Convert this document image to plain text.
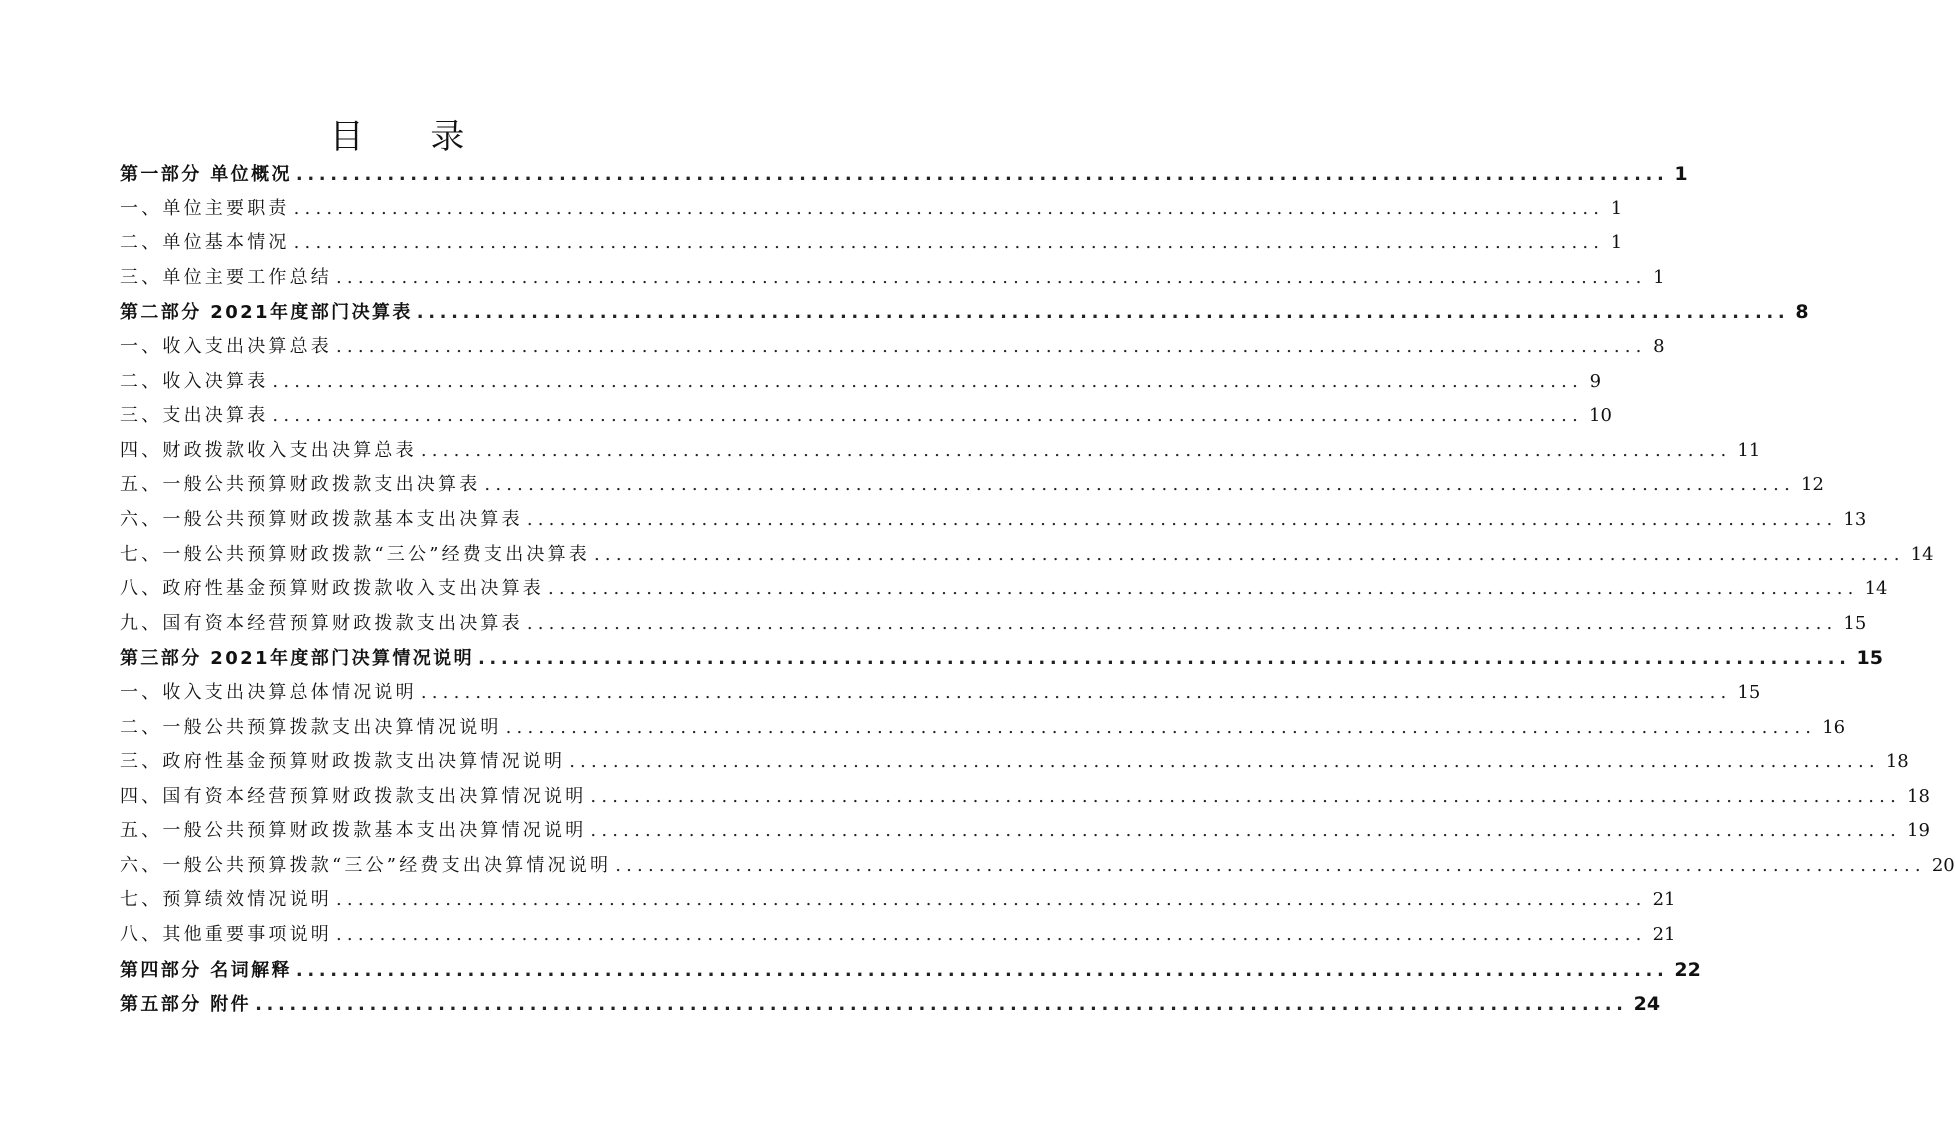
目 录
第一部分 单位概况 ........................................................................................................................ 1
一、单位主要职责 ........................................................................................................................ 1
二、单位基本情况 ........................................................................................................................ 1
三、单位主要工作总结 ........................................................................................................................ 1
第二部分 2021年度部门决算表 ........................................................................................................................ 8
一、收入支出决算总表 ........................................................................................................................ 8
二、收入决算表 ........................................................................................................................ 9
三、支出决算表 ........................................................................................................................ 10
四、财政拨款收入支出决算总表 ........................................................................................................................ 11
五、一般公共预算财政拨款支出决算表 ........................................................................................................................ 12
六、一般公共预算财政拨款基本支出决算表 ........................................................................................................................ 13
七、一般公共预算财政拨款“三公”经费支出决算表 ........................................................................................................................ 14
八、政府性基金预算财政拨款收入支出决算表 ........................................................................................................................ 14
九、国有资本经营预算财政拨款支出决算表 ........................................................................................................................ 15
第三部分 2021年度部门决算情况说明 ........................................................................................................................ 15
一、收入支出决算总体情况说明 ........................................................................................................................ 15
二、一般公共预算拨款支出决算情况说明 ........................................................................................................................ 16
三、政府性基金预算财政拨款支出决算情况说明 ........................................................................................................................ 18
四、国有资本经营预算财政拨款支出决算情况说明 ........................................................................................................................ 18
五、一般公共预算财政拨款基本支出决算情况说明 ........................................................................................................................ 19
六、一般公共预算拨款“三公”经费支出决算情况说明 ........................................................................................................................ 20
七、预算绩效情况说明 ........................................................................................................................ 21
八、其他重要事项说明 ........................................................................................................................ 21
第四部分 名词解释 ........................................................................................................................ 22
第五部分 附件 ........................................................................................................................ 24
